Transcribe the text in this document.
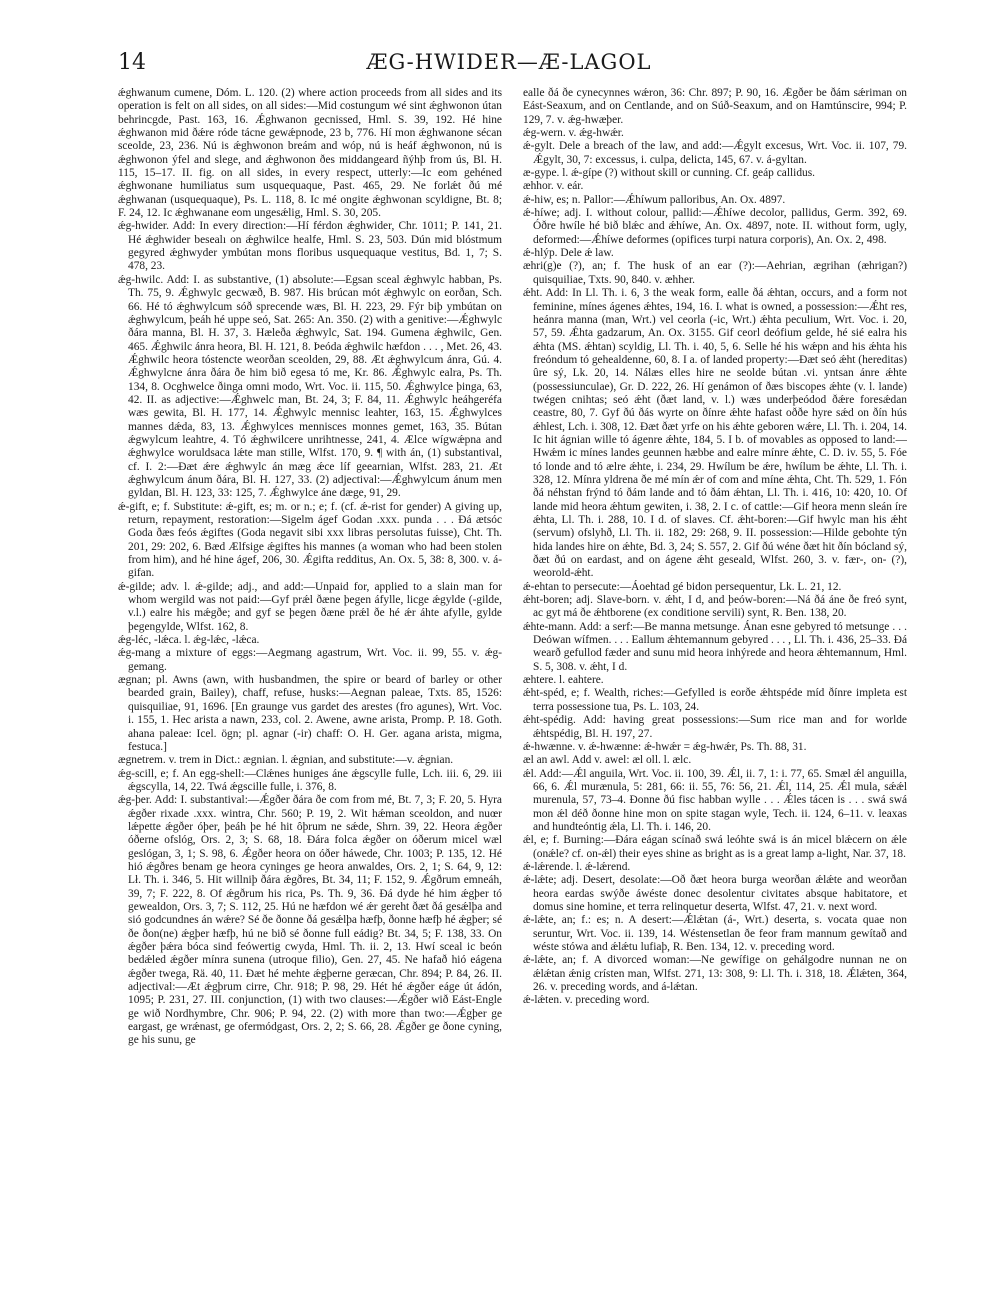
14	ÆG-HWIDER—Æ-LAGOL

ǽghwanum cumene, Dóm. L. 120. (2) where action proceeds from all sides and its operation is felt on all sides, on all sides:—Mid costungum wé sint ǽghwonon útan behrincgde, Past. 163, 16. Ǽghwanon gecnissed, Hml. S. 39, 192. Hé hine ǽghwanon mid ðǽre róde tácne gewǽpnode, 23 b, 776. Hí mon ǽghwanone sécan sceolde, 23, 236. Nú is ǽghwonon breám and wóp, nú is heáf ǽghwonon, nú is ǽghwonon ýfel and slege, and ǽghwonon ðes middangeard ñýhþ from ús, Bl. H. 115, 15–17. II. fig. on all sides, in every respect, utterly:—Ic eom gehéned ǽghwonane humiliatus sum usquequaque, Past. 465, 29. Ne forlǽt ðú mé ǽghwanan (usquequaque), Ps. L. 118, 8. Ic mé ongite ǽghwonan scyldigne, Bt. 8; F. 24, 12. Ic ǽghwanane eom ungesǽlig, Hml. S. 30, 205.

ǽg-hwider. Add: In every direction:—Hí férdon ǽghwider, Chr. 1011; P. 141, 21. Hé ǽghwider besealı on ǽghwilce healfe, Hml. S. 23, 503. Dún mid blóstmum gegyred ǽghwyder ymbútan mons floribus usquequaque vestitus, Bd. 1, 7; S. 478, 23.

ǽg-hwilc. Add: I. as substantive, (1) absolute:—Egsan sceal ǽghwylc habban, Ps. Th. 75, 9. Ǽghwylc gecwæð, B. 987. His brúcan mót ǽghwylc on eorðan, Sch. 66. Hé tó ǽghwylcum sóð sprecende wæs, Bl. H. 223, 29. Fýr biþ ymbútan on ǽghwylcum, þeáh hé uppe seó, Sat. 265: An. 350. (2) with a genitive:—Ǽghwylc ðára manna, Bl. H. 37, 3. Hæleða ǽghwylc, Sat. 194. Gumena ǽghwilc, Gen. 465. Ǽghwilc ánra heora, Bl. H. 121, 8. Þeóda ǽghwilc hæfdon . . . , Met. 26, 43. Ǽghwilc heora tóstencte weorðan sceolden, 29, 88. Æt ǽghwylcum ánra, Gú. 4. Ǽghwylcne ánra ðára ðe him bið egesa tó me, Kr. 86. Ǽghwylc ealra, Ps. Th. 134, 8. Ocghwelce ðinga omni modo, Wrt. Voc. ii. 115, 50. Ǽghwylce þinga, 63, 42. II. as adjective:—Ǽghwelc man, Bt. 24, 3; F. 84, 11. Ǽghwylc heáhgeréfa wæs gewita, Bl. H. 177, 14. Ǽghwylc mennisc leahter, 163, 15. Ǽghwylces mannes dǽda, 83, 13. Ǽghwylces mennisces monnes gemet, 163, 35. Bútan ǽgwylcum leahtre, 4. Tó ǽghwilcere unrihtnesse, 241, 4. Ælce wígwǽpna and ǽghwylce woruldsaca lǽte man stille, Wlfst. 170, 9. ¶ with án, (1) substantival, cf. I. 2:—Ðæt ǽre ǽghwylc án mæg ǽce líf geearnian, Wlfst. 283, 21. Æt ǽghwylcum ánum ðára, Bl. H. 127, 33. (2) adjectival:—Ǽghwylcum ánum men gyldan, Bl. H. 123, 33: 125, 7. Ǽghwylce áne dæge, 91, 29.

ǽ-gift, e; f. Substitute: ǽ-gift, es; m. or n.; e; f. (cf. ǽ-rist for gender) A giving up, return, repayment, restoration:—Sigelm ágef Godan .xxx. punda . . . Ðá ætsóc Goda ðæs feós ǽgiftes (Goda negavit sibi xxx libras persolutas fuisse), Cht. Th. 201, 29: 202, 6. Bæd Ælfsige ǽgiftes his mannes (a woman who had been stolen from him), and hé hine ágef, 206, 30. Ǽgifta redditus, An. Ox. 5, 38: 8, 300. v. á-gifan.

ǽ-gilde; adv. l. ǽ-gilde; adj., and add:—Unpaid for, applied to a slain man for whom wergild was not paid:—Gyf prǽl ðæne þegen áfylle, licge ǽgylde (-gilde, v.l.) ealre his mǽgðe; and gyf se þegen ðæne prǽl ðe hé ǽr áhte afylle, gylde þegengylde, Wlfst. 162, 8.

ǽg-léc, -lǽca. l. ǽg-lǽc, -lǽca.

ǽg-mang a mixture of eggs:—Aegmang agastrum, Wrt. Voc. ii. 99, 55. v. ǽg-gemang.

ægnan; pl. Awns (awn, with husbandmen, the spire or beard of barley or other bearded grain, Bailey), chaff, refuse, husks:—Aegnan paleae, Txts. 85, 1526: quisquiliae, 91, 1696. [En graunge vus gardet des arestes (fro agunes), Wrt. Voc. i. 155, 1. Hec arista a nawn, 233, col. 2. Awene, awne arista, Promp. P. 18. Goth. ahana paleae: Icel. ögn; pl. agnar (-ir) chaff: O. H. Ger. agana arista, migma, festuca.]

ægnetrem. v. trem in Dict.: ægnian. l. ǽgnian, and substitute:—v. ǽgnian.

ǽg-scill, e; f. An egg-shell:—Clǽnes huniges áne ǽgscylle fulle, Lch. iii. 6, 29. iii ǽgscylla, 14, 22. Twá ǽgscille fulle, i. 376, 8.

ǽg-þer. Add: I. substantival:—Ǽgðer ðára ðe com from mé, Bt. 7, 3; F. 20, 5. Hyra ǽgðer rixade .xxx. wintra, Chr. 560; P. 19, 2. Wit hǽman sceoldon, and nuœr lǽpette ǽgðer óþer, þeáh þe hé hit ôþrum ne sǽde, Shrn. 39, 22. Heora ǽgðer óðerne ofslóg, Ors. 2, 3; S. 68, 18. Ðára folca ǽgðer on óðerum micel wæl geslógan, 3, 1; S. 98, 6. Ǽgðer heora on óðer háwede, Chr. 1003; P. 135, 12. Hé hió ǽgðres benam ge heora cyninges ge heora anwaldes, Ors. 2, 1; S. 64, 9, 12: Lł. Th. i. 346, 5. Hit willniþ ðára ǽgðres, Bt. 34, 11; F. 152, 9. Ǽgðrum emneáh, 39, 7; F. 222, 8. Of ǽgðrum his rica, Ps. Th. 9, 36. Ðá dyde hé him ǽgþer tó gewealdon, Ors. 3, 7; S. 112, 25. Hú ne hæfdon wé ǽr gereht ðæt ðá gesǽlþa and sió godcundnes án wǽre? Sé ðe ðonne ðá gesǽlþa hæfþ, ðonne hæfþ hé ǽgþer; sé ðe ðon(ne) ǽgþer hæfþ, hú ne bið sé ðonne full eádig? Bt. 34, 5; F. 138, 33. On ǽgðer þǽra bóca sind feówertig cwyda, Hml. Th. ii. 2, 13. Hwí sceal ic beón bedǽled ǽgðer mínra sunena (utroque filio), Gen. 27, 45. Ne hafað hió eágena ǽgðer twega, Rä. 40, 11. Ðæt hé mehte ǽgþerne geræcan, Chr. 894; P. 84, 26. II. adjectival:—Æt ǽgþrum cirre, Chr. 918; P. 98, 29. Hét hé ǽgðer eáge út ádón, 1095; P. 231, 27. III. conjunction, (1) with two clauses:—Ǽgðer wið Eást-Engle ge wið Nordhymbre, Chr. 906; P. 94, 22. (2) with more than two:—Ǽgþer ge eargast, ge wrǽnast, ge ofermódgast, Ors. 2, 2; S. 66, 28. Ǽgðer ge ðone cyning, ge his sunu, ge

ealle ðá ðe cynecynnes wǽron, 36: Chr. 897; P. 90, 16. Ǽgðer be ðám sǽriman on Eást-Seaxum, and on Centlande, and on Súð-Seaxum, and on Hamtúnscire, 994; P. 129, 7. v. ǽg-hwæþer.

ǽg-wern. v. ǽg-hwǽr.

ǽ-gylt. Dele a breach of the law, and add:—Ǽgylt excesus, Wrt. Voc. ii. 107, 79. Ǽgylt, 30, 7: excessus, i. culpa, delicta, 145, 67. v. á-gyltan.

æ-gype. l. ǽ-gípe (?) without skill or cunning. Cf. geáp callidus.

æhhor. v. eár.

ǽ-hiw, es; n. Pallor:—Ǽhíwum palloribus, An. Ox. 4897.

ǽ-híwe; adj. I. without colour, pallid:—Ǽhíwe decolor, pallidus, Germ. 392, 69. Óðre hwíle hé bið blǽc and ǽhíwe, An. Ox. 4897, note. II. without form, ugly, deformed:—Ǽhíwe deformes (opifices turpi natura corporis), An. Ox. 2, 498.

ǽ-hlýp. Dele ǽ law.

æhri(g)e (?), an; f. The husk of an ear (?):—Aehrian, ægrihan (æhrigan?) quisquiliae, Txts. 90, 840. v. æhher.

ǽht. Add: In Ll. Th. i. 6, 3 the weak form, ealle ðá ǽhtan, occurs, and a form not feminine, mínes ágenes ǽhtes, 194, 16. I. what is owned, a possession:—Ǽht res, heánra manna (man, Wrt.) vel ceorla (-ic, Wrt.) ǽhta peculium, Wrt. Voc. i. 20, 57, 59. Ǽhta gadzarum, An. Ox. 3155. Gif ceorl deófium gelde, hé sié ealra his ǽhta (MS. ǽhtan) scyldig, Ll. Th. i. 40, 5, 6. Selle hé his wǽpn and his ǽhta his freóndum tó gehealdenne, 60, 8. I a. of landed property:—Ðæt seó ǽht (hereditas) ûre sý, Lk. 20, 14. Nálæs elles hire ne seolde bútan .vi. yntsan ánre ǽhte (possessiunculae), Gr. D. 222, 26. Hí genámon of ðæs biscopes ǽhte (v. l. lande) twégen cnihtas; seó ǽht (ðæt land, v. l.) wæs underþeódod ðǽre foresǽdan ceastre, 80, 7. Gyf ðú ðás wyrte on ðínre ǽhte hafast oððe hyre sǽd on ðín hús ǽhlest, Lch. i. 308, 12. Ðæt ðæt yrfe on his ǽhte geboren wǽre, Ll. Th. i. 204, 14. Ic hit ágnian wille tó ágenre ǽhte, 184, 5. I b. of movables as opposed to land:—Hwǽm ic mínes landes geunnen hæbbe and ealre mínre ǽhte, C. D. iv. 55, 5. Fóe tó londe and tó ælre ǽhte, i. 234, 29. Hwílum be ǽre, hwílum be ǽhte, Ll. Th. i. 328, 12. Mínra yldrena ðe mé mín ǽr of com and míne ǽhta, Cht. Th. 529, 1. Fón ðá néhstan frýnd tó ðám lande and tó ðám ǽhtan, Ll. Th. i. 416, 10: 420, 10. Of lande mid heora ǽhtum gewiten, i. 38, 2. I c. of cattle:—Gif heora menn sleán íre ǽhta, Ll. Th. i. 288, 10. I d. of slaves. Cf. ǽht-boren:—Gif hwylc man his ǽht (servum) ofslyhð, Ll. Th. ii. 182, 29: 268, 9. II. possession:—Hilde gebohte týn hida landes hire on ǽhte, Bd. 3, 24; S. 557, 2. Gif ðú wéne ðæt hit ðín bócland sý, ðæt ðú on eardast, and on ágene ǽht geseald, Wlfst. 260, 3. v. fær-, on- (?), weorold-ǽht.

ǽ-ehtan to persecute:—Áoehtad gé bidon persequentur, Lk. L. 21, 12.

ǽht-boren; adj. Slave-born. v. ǽht, I d, and þeów-boren:—Ná ðá áne ðe freó synt, ac gyt má ðe ǽhtborene (ex conditione servili) synt, R. Ben. 138, 20.

ǽhte-mann. Add: a serf:—Be manna metsunge. Ánan esne gebyred tó metsunge . . . Deówan wífmen. . . . Eallum ǽhtemannum gebyred . . . , Ll. Th. i. 436, 25–33. Ðá wearð gefullod fæder and sunu mid heora inhýrede and heora ǽhtemannum, Hml. S. 5, 308. v. ǽht, I d.

æhtere. l. eahtere.

ǽht-spéd, e; f. Wealth, riches:—Gefylled is eorðe ǽhtspéde míd ðínre impleta est terra possessione tua, Ps. L. 103, 24.

ǽht-spédig. Add: having great possessions:—Sum rice man and for worlde ǽhtspédig, Bl. H. 197, 27.

ǽ-hwænne. v. ǽ-hwænne: ǽ-hwǽr = ǽg-hwǽr, Ps. Th. 88, 31.

æl an awl. Add v. awel: æl oll. l. ælc.

ǽl. Add:—Ǽl anguila, Wrt. Voc. ii. 100, 39. Ǽl, ii. 7, 1: i. 77, 65. Smæl ǽl anguilla, 66, 6. Ǽl murænula, 5: 281, 66: ii. 55, 76: 56, 21. Ǽl, 114, 25. Ǽl mula, sǽǽl murenula, 57, 73–4. Ðonne ðú fisc habban wylle . . . Ǽles tácen is . . . swá swá mon ǽl déð ðonne hine mon on spite stagan wyle, Tech. ii. 124, 6–11. v. leaxas and hundteóntig ǽla, Ll. Th. i. 146, 20.

ǽl, e; f. Burning:—Ðára eágan scínað swá leóhte swá is án micel blǽcern on ǽle (onǽle? cf. on-ǽl) their eyes shine as bright as is a great lamp a-light, Nar. 37, 18.

ǽ-lǽrende. l. ǽ-lǽrend.

ǽ-lǽte; adj. Desert, desolate:—Oð ðæt heora burga weorðan ǽlǽte and weorðan heora eardas swýðe áwéste donec desolentur civitates absque habitatore, et domus sine homine, et terra relinquetur deserta, Wlfst. 47, 21. v. next word.

ǽ-lǽte, an; f.: es; n. A desert:—Ǽlǽtan (á-, Wrt.) deserta, s. vocata quae non seruntur, Wrt. Voc. ii. 139, 14. Wéstensetlan ðe feor fram mannum gewítað and wéste stówa and ǽlǽtu lufiaþ, R. Ben. 134, 12. v. preceding word.

ǽ-lǽte, an; f. A divorced woman:—Ne gewífige on gehálgodre nunnan ne on ǽlǽtan ǽnig crísten man, Wlfst. 271, 13: 308, 9: Ll. Th. i. 318, 18. Ǽlǽten, 364, 26. v. preceding words, and á-lǽtan.

ǽ-lǽten. v. preceding word.
